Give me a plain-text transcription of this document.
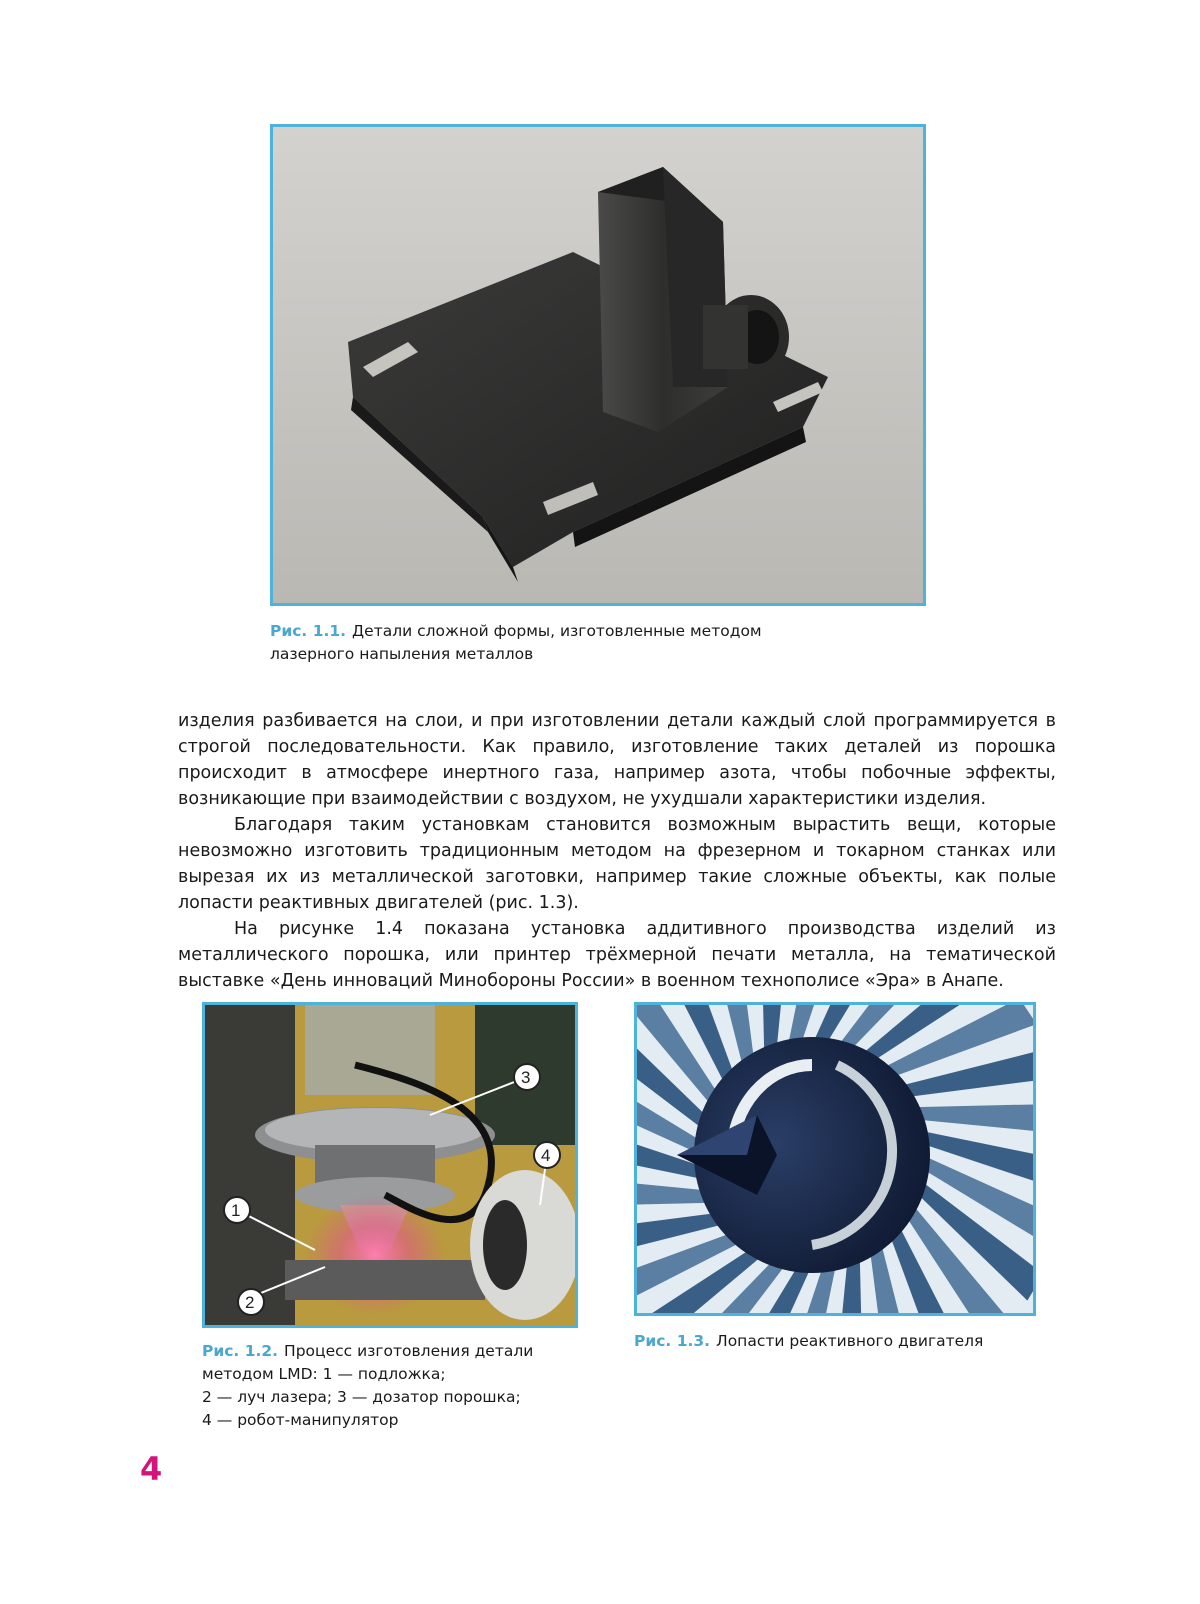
Рис. 1.1. Детали сложной формы, изготовленные методом
лазерного напыления металлов

изделия разбивается на слои, и при изготовлении детали каждый слой программируется в строгой последовательности. Как правило, изготовление таких деталей из порошка происходит в атмосфере инертного газа, например азота, чтобы побочные эффекты, возникающие при взаимодействии с воздухом, не ухудшали характеристики изделия.

Благодаря таким установкам становится возможным вырастить вещи, которые невозможно изготовить традиционным методом на фрезерном и токарном станках или вырезая их из металлической заготовки, например такие сложные объекты, как полые лопасти реактивных двигателей (рис. 1.3).

На рисунке 1.4 показана установка аддитивного производства изделий из металлического порошка, или принтер трёхмерной печати металла, на тематической выставке «День инноваций Минобороны России» в военном технополисе «Эра» в Анапе.

1
2
3
4
Рис. 1.2. Процесс изготовления детали
методом LMD: 1 — подложка;
2 — луч лазера; 3 — дозатор порошка;
4 — робот-манипулятор
Рис. 1.3. Лопасти реактивного двигателя
4
